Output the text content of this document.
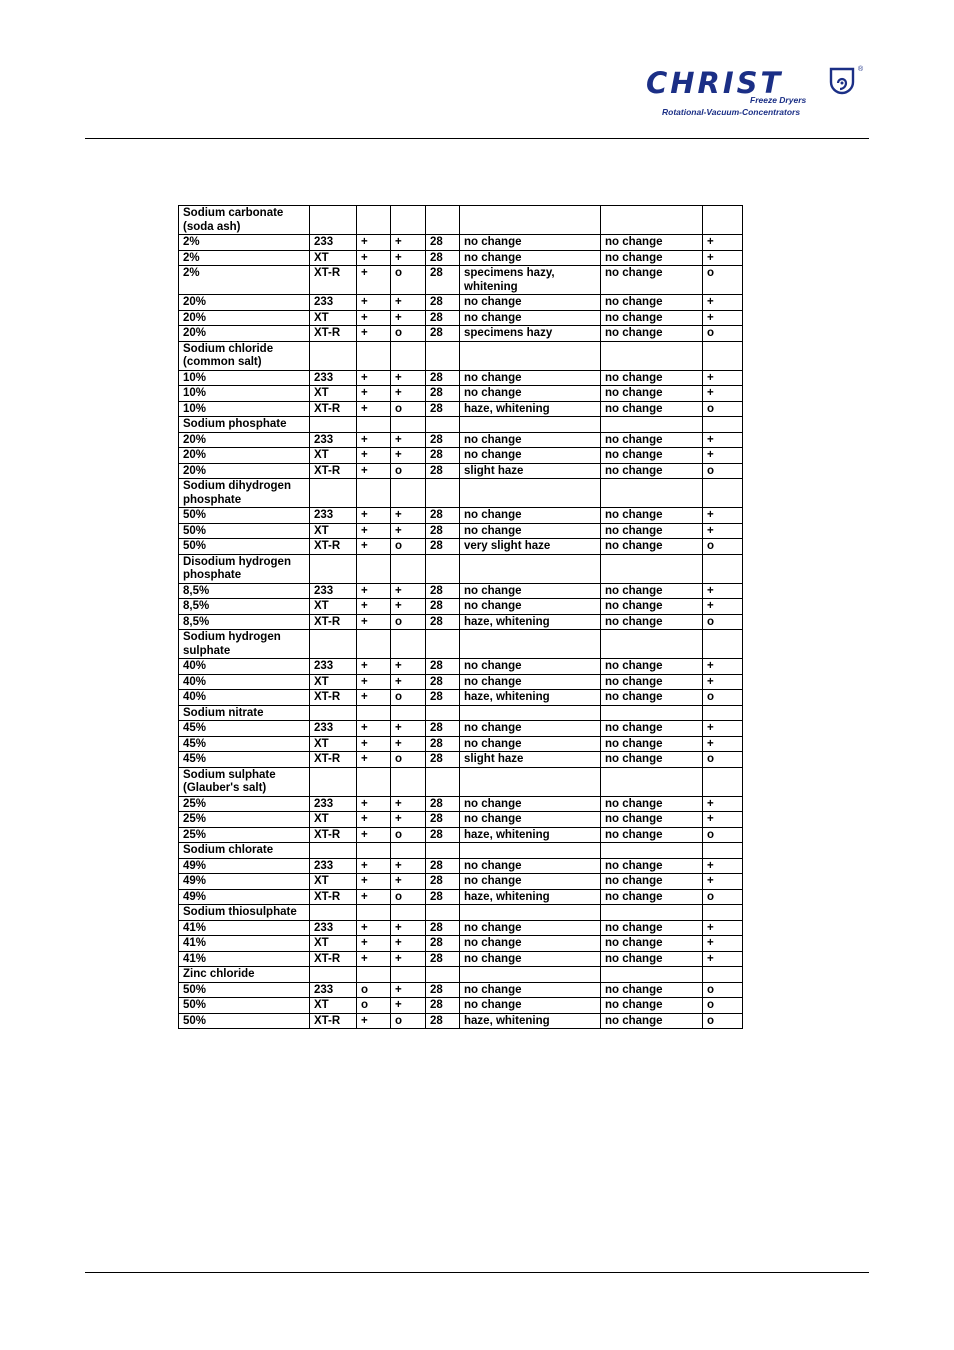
CHRIST	®
Freeze Dryers
Rotational-Vacuum-Concentrators
Sodium carbonate (soda ash)							
2%	233	+	+	28	no change	no change	+
2%	XT	+	+	28	no change	no change	+
2%	XT-R	+	o	28	specimens hazy, whitening	no change	o
20%	233	+	+	28	no change	no change	+
20%	XT	+	+	28	no change	no change	+
20%	XT-R	+	o	28	specimens hazy	no change	o
Sodium chloride (common salt)							
10%	233	+	+	28	no change	no change	+
10%	XT	+	+	28	no change	no change	+
10%	XT-R	+	o	28	haze, whitening	no change	o
Sodium phosphate							
20%	233	+	+	28	no change	no change	+
20%	XT	+	+	28	no change	no change	+
20%	XT-R	+	o	28	slight haze	no change	o
Sodium dihydrogen phosphate							
50%	233	+	+	28	no change	no change	+
50%	XT	+	+	28	no change	no change	+
50%	XT-R	+	o	28	very slight haze	no change	o
Disodium hydrogen phosphate							
8,5%	233	+	+	28	no change	no change	+
8,5%	XT	+	+	28	no change	no change	+
8,5%	XT-R	+	o	28	haze, whitening	no change	o
Sodium hydrogen sulphate							
40%	233	+	+	28	no change	no change	+
40%	XT	+	+	28	no change	no change	+
40%	XT-R	+	o	28	haze, whitening	no change	o
Sodium nitrate							
45%	233	+	+	28	no change	no change	+
45%	XT	+	+	28	no change	no change	+
45%	XT-R	+	o	28	slight haze	no change	o
Sodium sulphate (Glauber's salt)							
25%	233	+	+	28	no change	no change	+
25%	XT	+	+	28	no change	no change	+
25%	XT-R	+	o	28	haze, whitening	no change	o
Sodium chlorate							
49%	233	+	+	28	no change	no change	+
49%	XT	+	+	28	no change	no change	+
49%	XT-R	+	o	28	haze, whitening	no change	o
Sodium thiosulphate							
41%	233	+	+	28	no change	no change	+
41%	XT	+	+	28	no change	no change	+
41%	XT-R	+	+	28	no change	no change	+
Zinc chloride							
50%	233	o	+	28	no change	no change	o
50%	XT	o	+	28	no change	no change	o
50%	XT-R	+	o	28	haze, whitening	no change	o
